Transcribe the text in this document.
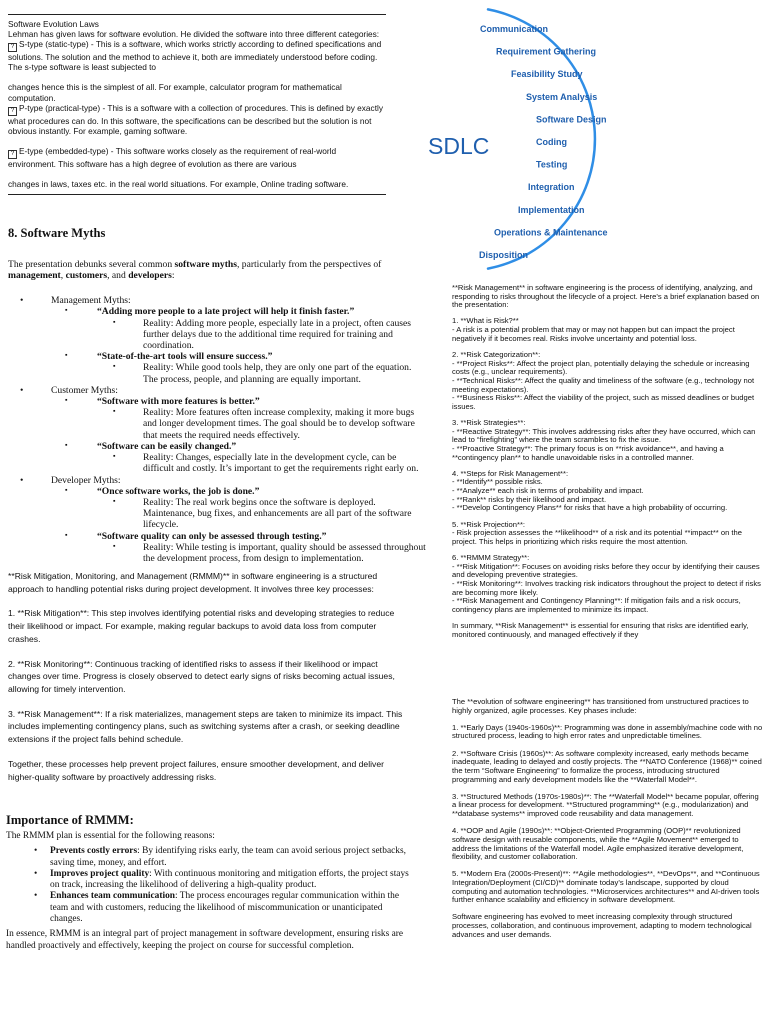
Software Evolution Laws

Lehman has given laws for software evolution. He divided the software into three different categories:

? S-type (static-type) - This is a software, which works strictly according to defined specifications and solutions. The solution and the method to achieve it, both are immediately understood before coding. The s-type software is least subjected to

changes hence this is the simplest of all. For example, calculator program for mathematical computation.

? P-type (practical-type) - This is a software with a collection of procedures. This is defined by exactly what procedures can do. In this software, the specifications can be described but the solution is not obvious instantly. For example, gaming software.

? E-type (embedded-type) - This software works closely as the requirement of real-world environment. This software has a high degree of evolution as there are various

changes in laws, taxes etc. in the real world situations. For example, Online trading software.

SDLC
Communication
Requirement Gathering
Feasibility Study
System Analysis
Software Design
Coding
Testing
Integration
Implementation
Operations & Maintenance
Disposition
8. Software Myths

The presentation debunks several common software myths, particularly from the perspectives of management, customers, and developers:

• Management Myths:
▪ “Adding more people to a late project will help it finish faster.”
▪ Reality: Adding more people, especially late in a project, often causes further delays due to the additional time required for training and coordination.
▪ “State-of-the-art tools will ensure success.”
▪ Reality: While good tools help, they are only one part of the equation. The process, people, and planning are equally important.
• Customer Myths:
▪ “Software with more features is better.”
▪ Reality: More features often increase complexity, making it more bugs and longer development times. The goal should be to develop software that meets the required needs effectively.
▪ “Software can be easily changed.”
▪ Reality: Changes, especially late in the development cycle, can be difficult and costly. It’s important to get the requirements right early on.
• Developer Myths:
▪ “Once software works, the job is done.”
▪ Reality: The real work begins once the software is deployed. Maintenance, bug fixes, and enhancements are all part of the software lifecycle.
▪ “Software quality can only be assessed through testing.”
▪ Reality: While testing is important, quality should be assessed throughout the development process, from design to implementation.

**Risk Mitigation, Monitoring, and Management (RMMM)** in software engineering is a structured approach to handling potential risks during project development. It involves three key processes:

1. **Risk Mitigation**: This step involves identifying potential risks and developing strategies to reduce their likelihood or impact. For example, making regular backups to avoid data loss from computer crashes.

2. **Risk Monitoring**: Continuous tracking of identified risks to assess if their likelihood or impact changes over time. Progress is closely observed to detect early signs of risks becoming actual issues, allowing for timely intervention.

3. **Risk Management**: If a risk materializes, management steps are taken to minimize its impact. This includes implementing contingency plans, such as switching systems after a crash, or seeking deadline extensions if the project falls behind schedule.

Together, these processes help prevent project failures, ensure smoother development, and deliver higher-quality software by proactively addressing risks.

Importance of RMMM:

The RMMM plan is essential for the following reasons:

• Prevents costly errors: By identifying risks early, the team can avoid serious project setbacks, saving time, money, and effort.
• Improves project quality: With continuous monitoring and mitigation efforts, the project stays on track, increasing the likelihood of delivering a high-quality product.
• Enhances team communication: The process encourages regular communication within the team and with customers, reducing the likelihood of miscommunication or unanticipated changes.

In essence, RMMM is an integral part of project management in software development, ensuring risks are handled proactively and effectively, keeping the project on course for successful completion.

**Risk Management** in software engineering is the process of identifying, analyzing, and responding to risks throughout the lifecycle of a project. Here’s a brief explanation based on the presentation:

1. **What is Risk?**
- A risk is a potential problem that may or may not happen but can impact the project negatively if it becomes real. Risks involve uncertainty and potential loss.

2. **Risk Categorization**:
- **Project Risks**: Affect the project plan, potentially delaying the schedule or increasing costs (e.g., unclear requirements).
- **Technical Risks**: Affect the quality and timeliness of the software (e.g., technology not meeting expectations).
- **Business Risks**: Affect the viability of the project, such as missed deadlines or budget issues.

3. **Risk Strategies**:
- **Reactive Strategy**: This involves addressing risks after they have occurred, which can lead to “firefighting” where the team scrambles to fix the issue.
- **Proactive Strategy**: The primary focus is on **risk avoidance**, and having a **contingency plan** to handle unavoidable risks in a controlled manner.

4. **Steps for Risk Management**:
- **Identify** possible risks.
- **Analyze** each risk in terms of probability and impact.
- **Rank** risks by their likelihood and impact.
- **Develop Contingency Plans** for risks that have a high probability of occurring.

5. **Risk Projection**:
- Risk projection assesses the **likelihood** of a risk and its potential **impact** on the project. This helps in prioritizing which risks require the most attention.

6. **RMMM Strategy**:
- **Risk Mitigation**: Focuses on avoiding risks before they occur by identifying their causes and developing preventive strategies.
- **Risk Monitoring**: Involves tracking risk indicators throughout the project to detect if risks are becoming more likely.
- **Risk Management and Contingency Planning**: If mitigation fails and a risk occurs, contingency plans are implemented to minimize its impact.

In summary, **Risk Management** is essential for ensuring that risks are identified early, monitored continuously, and managed effectively if they

The **evolution of software engineering** has transitioned from unstructured practices to highly organized, agile processes. Key phases include:

1. **Early Days (1940s-1960s)**: Programming was done in assembly/machine code with no structured process, leading to high error rates and unpredictable timelines.

2. **Software Crisis (1960s)**: As software complexity increased, early methods became inadequate, leading to delayed and costly projects. The **NATO Conference (1968)** coined the term “Software Engineering” to formalize the process, introducing structured programming and early development models like the **Waterfall Model**.

3. **Structured Methods (1970s-1980s)**: The **Waterfall Model** became popular, offering a linear process for development. **Structured programming** (e.g., modularization) and **database systems** improved code reusability and data management.

4. **OOP and Agile (1990s)**: **Object-Oriented Programming (OOP)** revolutionized software design with reusable components, while the **Agile Movement** emerged to address the limitations of the Waterfall model. Agile emphasized iterative development, flexibility, and customer collaboration.

5. **Modern Era (2000s-Present)**: **Agile methodologies**, **DevOps**, and **Continuous Integration/Deployment (CI/CD)** dominate today’s landscape, supported by cloud computing and automation technologies. **Microservices architectures** and AI-driven tools further enhance scalability and efficiency in software development.

Software engineering has evolved to meet increasing complexity through structured processes, collaboration, and continuous improvement, adapting to modern technological advances and user demands.
